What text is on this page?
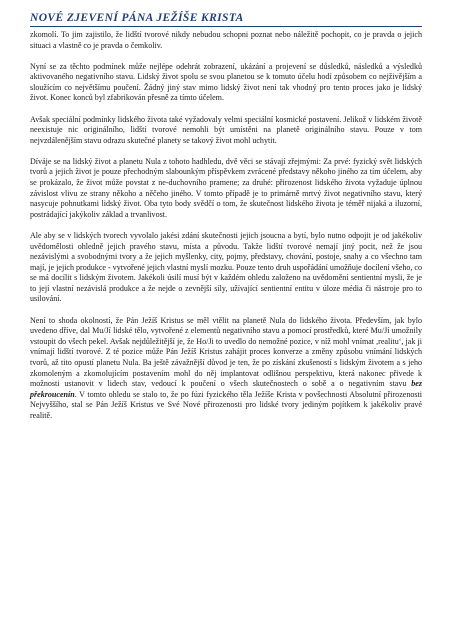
NOVÉ ZJEVENÍ PÁNA JEŽÍŠE KRISTA

zkomolí. To jim zajistilo, že lidští tvorové nikdy nebudou schopni poznat nebo náležitě pochopit, co je pravda o jejich situaci a vlastně co je pravda o čemkoliv.

Nyní se za těchto podmínek může nejlépe odehrát zobrazení, ukázání a projevení se důsledků, následků a výsledků aktivovaného negativního stavu. Lidský život spolu se svou planetou se k tomuto účelu hodí způsobem co nejživějším a sloužícím co největšímu poučení. Žádný jiný stav mimo lidský život není tak vhodný pro tento proces jako je lidský život. Konec konců byl zfabrikován přesně za tímto účelem.

Avšak speciální podmínky lidského života také vyžadovaly velmi speciální kosmické postavení. Jelikož v lidském životě neexistuje nic originálního, lidští tvorové nemohli být umístěni na planetě originálního stavu. Pouze v tom nejvzdálenějším stavu odrazu skutečné planety se takový život mohl uchytit.

Díváje se na lidský život a planetu Nula z tohoto hadhledu, dvě věci se stávají zřejmými: Za prvé: fyzický svět lidských tvorů a jejich život je pouze přechodným slabounkým příspěvkem zvrácené představy někoho jiného za tím účelem, aby se prokázalo, že život může povstat z ne-duchovního pramene; za druhé: přirozenost lidského života vyžaduje úplnou závislost vlivu ze strany někoho a něčeho jiného. V tomto případě je to primárně mrtvý život negativního stavu, který nasycuje pohnutkami lidský život. Oba tyto body svědčí o tom, že skutečnost lidského života je téměř nijaká a iluzorní, postrádající jakýkoliv základ a trvanlivost.

Ale aby se v lidských tvorech vyvolalo jakési zdání skutečnosti jejich jsoucna a bytí, bylo nutno odpojit je od jakékoliv uvědomělosti ohledně jejich pravého stavu, místa a původu. Takže lidští tvorové nemají jiný pocit, než že jsou nezávislými a svobodnými tvory a že jejich myšlenky, city, pojmy, představy, chování, postoje, snahy a co všechno tam mají, je jejich produkce - vytvořené jejich vlastní myslí mozku. Pouze tento druh uspořádání umožňuje docílení všeho, co se má docílit s lidským životem. Jakékoli úsilí musí být v každém ohledu založeno na uvědomění sentientní mysli, že je to její vlastní nezávislá produkce a že nejde o zevnější síly, užívající sentientní entitu v úloze média či nástroje pro to usilování.

Není to shoda okolností, že Pán Ježíš Kristus se měl vtělit na planetě Nula do lidského života. Především, jak bylo uvedeno dříve, dal Mu/Jí lidské tělo, vytvořené z elementů negativního stavu a pomocí prostředků, které Mu/Jí umožnily vstoupit do všech pekel. Avšak nejdůležitější je, že Ho/Ji to uvedlo do nemožné pozice, v níž mohl vnímat ,realitu‘, jak ji vnímají lidští tvorové. Z té pozice může Pán Ježíš Kristus zahájit proces konverze a změny způsobu vnímání lidských tvorů, až tito opustí planetu Nula. Ba ještě závažnější důvod je ten, že po získání zkušeností s lidským životem a s jeho zkomoleným a zkomolujícím postavením mohl do něj implantovat odlišnou perspektivu, která nakonec přivede k možnosti ustanovit v lidech stav, vedoucí k poučení o všech skutečnostech o sobě a o negativním stavu bez překroucenín. V tomto ohledu se stalo to, že po fúzi fyzického těla Ježíše Krista v povšechnosti Absolutní přirozenosti Nejvyššího, stal se Pán Ježíš Kristus ve Své Nové přirozenosti pro lidské tvory jediným pojítkem k jakékoliv pravé realitě.
